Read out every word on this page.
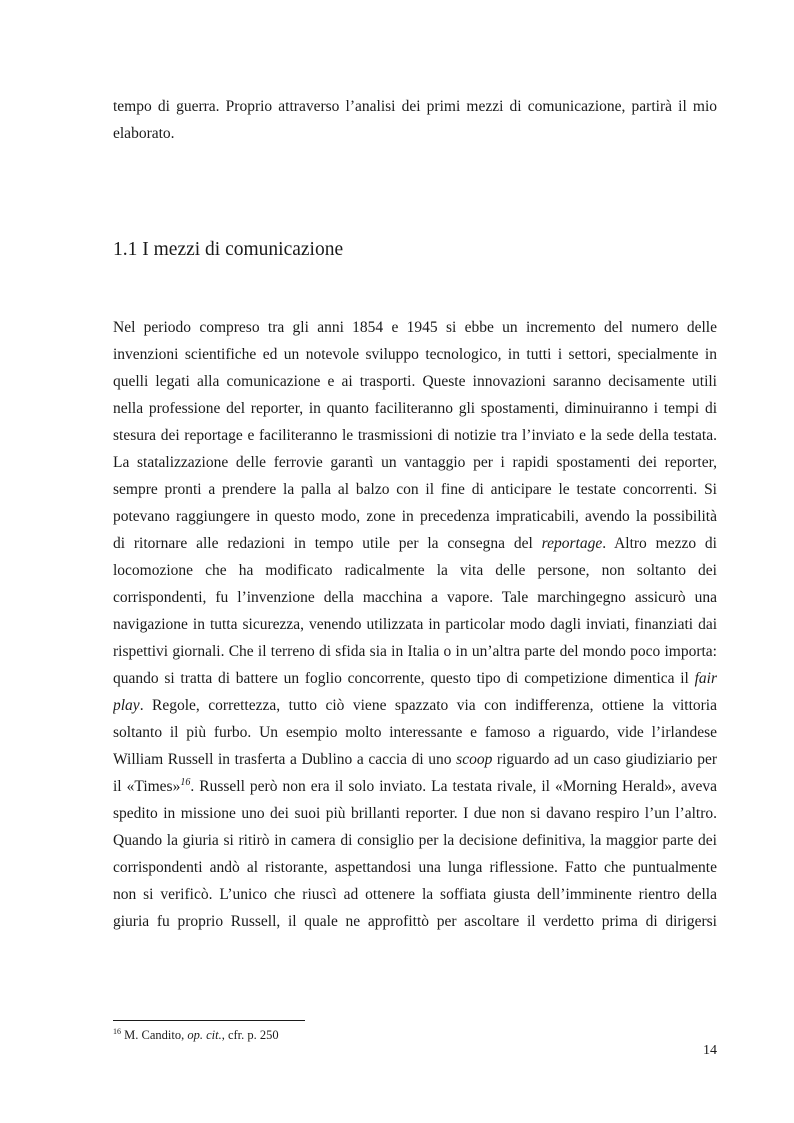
tempo di guerra. Proprio attraverso l’analisi dei primi mezzi di comunicazione, partirà il mio
elaborato.
1.1 I mezzi di comunicazione
Nel periodo compreso tra gli anni 1854 e 1945 si ebbe un incremento del numero delle
invenzioni scientifiche ed un notevole sviluppo tecnologico, in tutti i settori, specialmente in
quelli legati alla comunicazione e ai trasporti. Queste innovazioni saranno decisamente utili
nella professione del reporter, in quanto faciliteranno gli spostamenti, diminuiranno i tempi di
stesura dei reportage e faciliteranno le trasmissioni di notizie tra l’inviato e la sede della testata.
La statalizzazione delle ferrovie garantì un vantaggio per i rapidi spostamenti dei reporter,
sempre pronti a prendere la palla al balzo con il fine di anticipare le testate concorrenti. Si
potevano raggiungere in questo modo, zone in precedenza impraticabili, avendo la possibilità
di ritornare alle redazioni in tempo utile per la consegna del reportage. Altro mezzo di
locomozione che ha modificato radicalmente la vita delle persone, non soltanto dei
corrispondenti, fu l’invenzione della macchina a vapore. Tale marchingegno assicurò una
navigazione in tutta sicurezza, venendo utilizzata in particolar modo dagli inviati, finanziati dai
rispettivi giornali. Che il terreno di sfida sia in Italia o in un’altra parte del mondo poco importa:
quando si tratta di battere un foglio concorrente, questo tipo di competizione dimentica il fair
play. Regole, correttezza, tutto ciò viene spazzato via con indifferenza, ottiene la vittoria
soltanto il più furbo. Un esempio molto interessante e famoso a riguardo, vide l’irlandese
William Russell in trasferta a Dublino a caccia di uno scoop riguardo ad un caso giudiziario per
il «Times»$^{16}$. Russell però non era il solo inviato. La testata rivale, il «Morning Herald», aveva
spedito in missione uno dei suoi più brillanti reporter. I due non si davano respiro l’un l’altro.
Quando la giuria si ritirò in camera di consiglio per la decisione definitiva, la maggior parte dei
corrispondenti andò al ristorante, aspettandosi una lunga riflessione. Fatto che puntualmente
non si verificò. L’unico che riuscì ad ottenere la soffiata giusta dell’imminente rientro della
giuria fu proprio Russell, il quale ne approfittò per ascoltare il verdetto prima di dirigersi
$^{16}$ M. Candito, op. cit., cfr. p. 250
14
